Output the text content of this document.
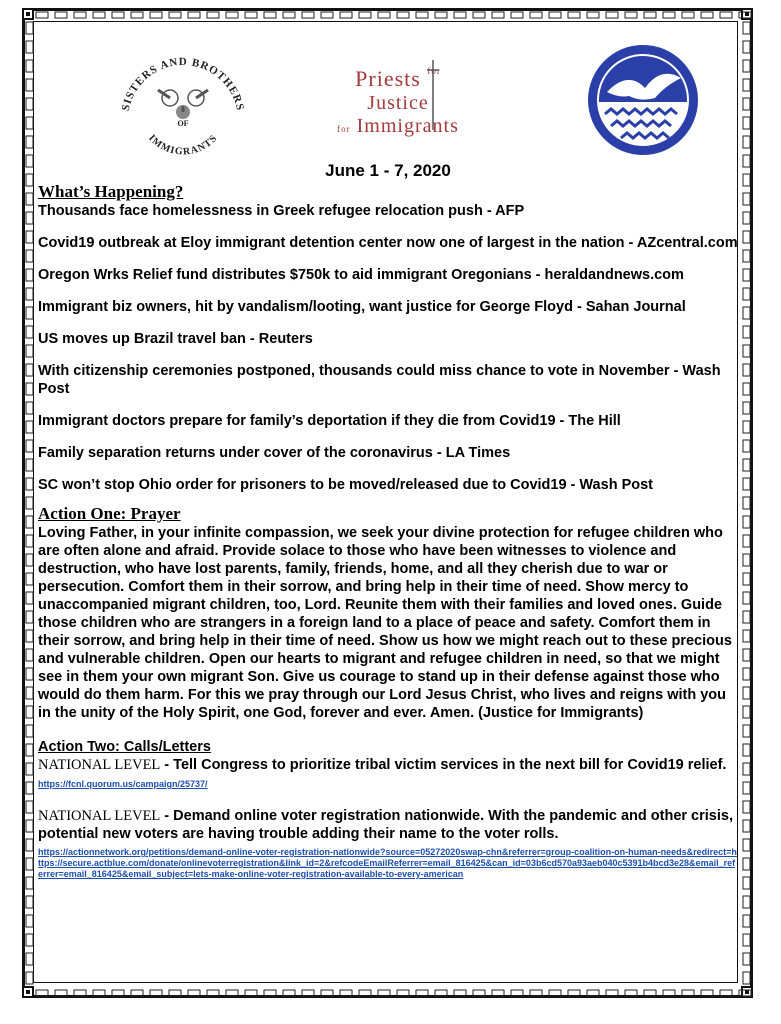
SISTERS AND BROTHERS
IMMIGRANTS
OF
Priests $^{for}$
Justice
for Immigrants
June 1 - 7, 2020
What’s Happening?

Thousands face homelessness in Greek refugee relocation push - AFP

Covid19 outbreak at Eloy immigrant detention center now one of largest in the nation - AZcentral.com

Oregon Wrks Relief fund distributes $750k to aid immigrant Oregonians - heraldandnews.com

Immigrant biz owners, hit by vandalism/looting, want justice for George Floyd - Sahan Journal

US moves up Brazil travel ban - Reuters

With citizenship ceremonies postponed, thousands could miss chance to vote in November - Wash Post

Immigrant doctors prepare for family’s deportation if they die from Covid19 - The Hill

Family separation returns under cover of the coronavirus - LA Times

SC won’t stop Ohio order for prisoners to be moved/released due to Covid19 - Wash Post

Action One: Prayer

Loving Father, in your infinite compassion, we seek your divine protection for refugee children who are often alone and afraid. Provide solace to those who have been witnesses to violence and destruction, who have lost parents, family, friends, home, and all they cherish due to war or persecution. Comfort them in their sorrow, and bring help in their time of need. Show mercy to unaccompanied migrant children, too, Lord. Reunite them with their families and loved ones. Guide those children who are strangers in a foreign land to a place of peace and safety. Comfort them in their sorrow, and bring help in their time of need. Show us how we might reach out to these precious and vulnerable children. Open our hearts to migrant and refugee children in need, so that we might see in them your own migrant Son. Give us courage to stand up in their defense against those who would do them harm. For this we pray through our Lord Jesus Christ, who lives and reigns with you in the unity of the Holy Spirit, one God, forever and ever. Amen. (Justice for Immigrants)

Action Two: Calls/Letters
NATIONAL LEVEL - Tell Congress to prioritize tribal victim services in the next bill for Covid19 relief. https://fcnl.quorum.us/campaign/25737/
NATIONAL LEVEL - Demand online voter registration nationwide. With the pandemic and other crisis, potential new voters are having trouble adding their name to the voter rolls.
https://actionnetwork.org/petitions/demand-online-voter-registration-nationwide?source=05272020swap-chn&referrer=group-coalition-on-human-needs&redirect=https://secure.actblue.com/donate/onlinevoterregistration&link_id=2&refcodeEmailReferrer=email_816425&can_id=03b6cd570a93aeb040c5391b4bcd3e28&email_referrer=email_816425&email_subject=lets-make-online-voter-registration-available-to-every-american
